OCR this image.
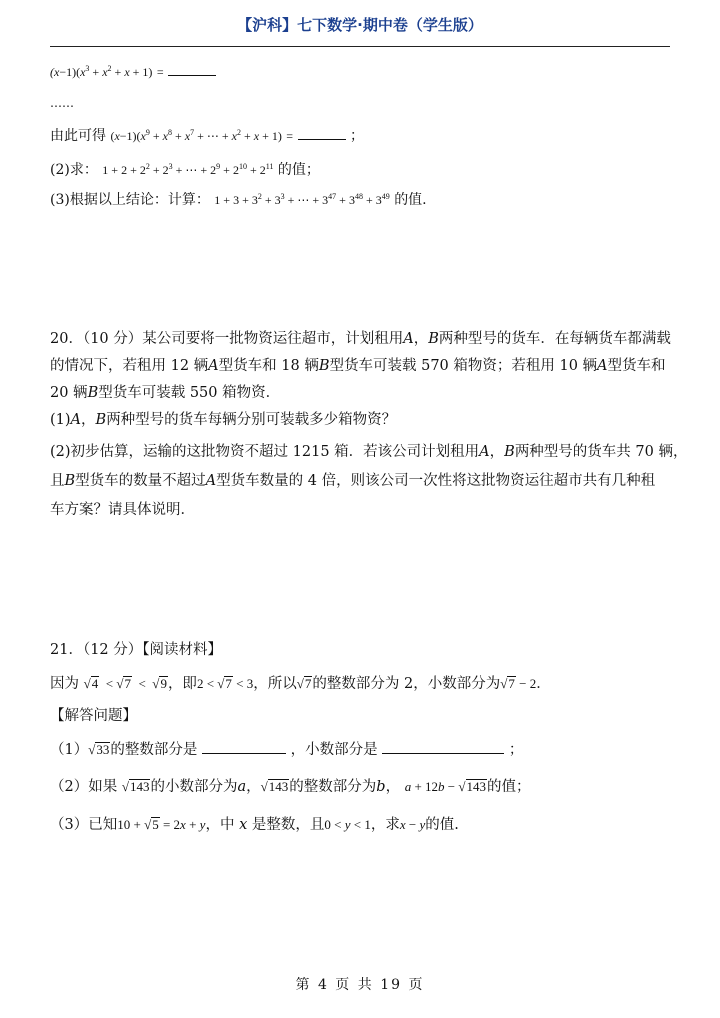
【沪科】七下数学·期中卷（学生版）
$(x-1)(x^3 + x^2 + x + 1)$ =
……
由此可得 $(x-1)(x^9 + x^8 + x^7$ + ⋯ + $x^2 + x + 1$) =	；
(2)求： $1 + 2 + 2^2 + 2^3$ + ⋯ + $2^9 + 2^{10} + 2^{11}$ 的值；
(3)根据以上结论：计算： $1 + 3 + 3^2 + 3^3$ + ⋯ + $3^{47} + 3^{48} + 3^{49}$ 的值.
20．（10 分）某公司要将一批物资运往超市，计划租用A，B两种型号的货车．在每辆货车都满载
的情况下，若租用 12 辆A型货车和 18 辆B型货车可装载 570 箱物资；若租用 10 辆A型货车和
20 辆B型货车可装载 550 箱物资．
(1)A，B两种型号的货车每辆分别可装载多少箱物资？
(2)初步估算，运输的这批物资不超过 1215 箱．若该公司计划租用A，B两种型号的货车共 70 辆，
且B型货车的数量不超过A型货车数量的 4 倍，则该公司一次性将这批物资运往超市共有几种租
车方案？请具体说明．
21．（12 分）【阅读材料】
因为 √4  < √7  <  √9，即2 < √7 < 3，所以√7的整数部分为 2，小数部分为√7 − 2．
【解答问题】
（1）√33的整数部分是	，小数部分是	；
（2）如果 √143的小数部分为a，√143的整数部分为b， a + 12b − √143的值；
（3）已知10 + √5 = 2x + y，中 x 是整数，且0 < y < 1，求x − y的值.
第 4 页 共 19 页
